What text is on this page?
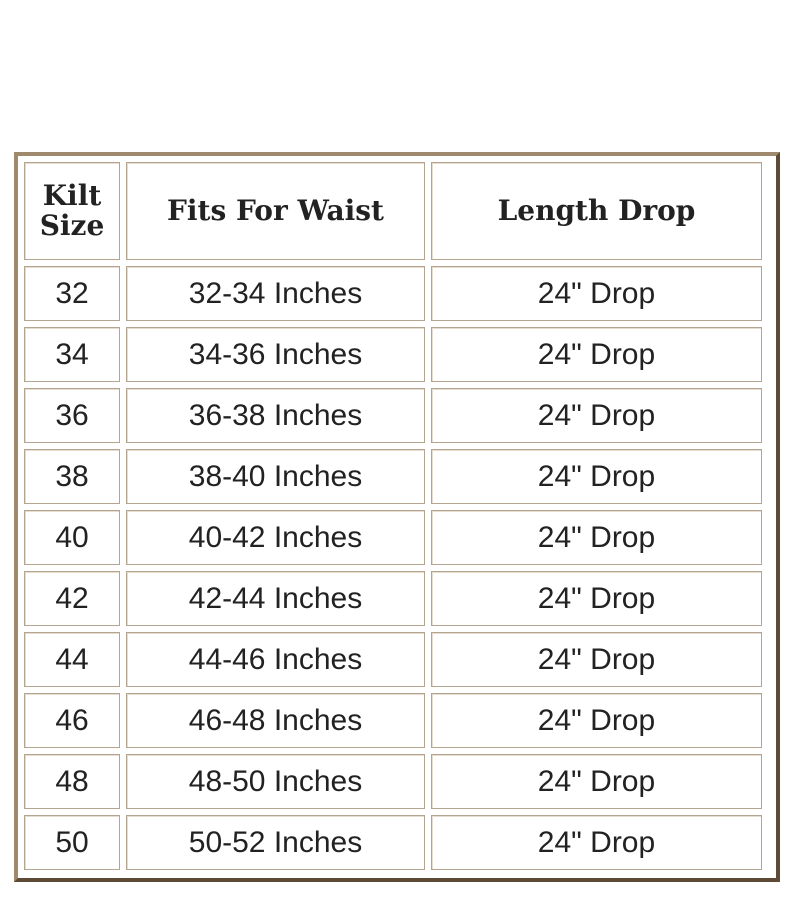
Kilt
Size	Fits For Waist	Length Drop
32	32-34 Inches	24" Drop
34	34-36 Inches	24" Drop
36	36-38 Inches	24" Drop
38	38-40 Inches	24" Drop
40	40-42 Inches	24" Drop
42	42-44 Inches	24" Drop
44	44-46 Inches	24" Drop
46	46-48 Inches	24" Drop
48	48-50 Inches	24" Drop
50	50-52 Inches	24" Drop
